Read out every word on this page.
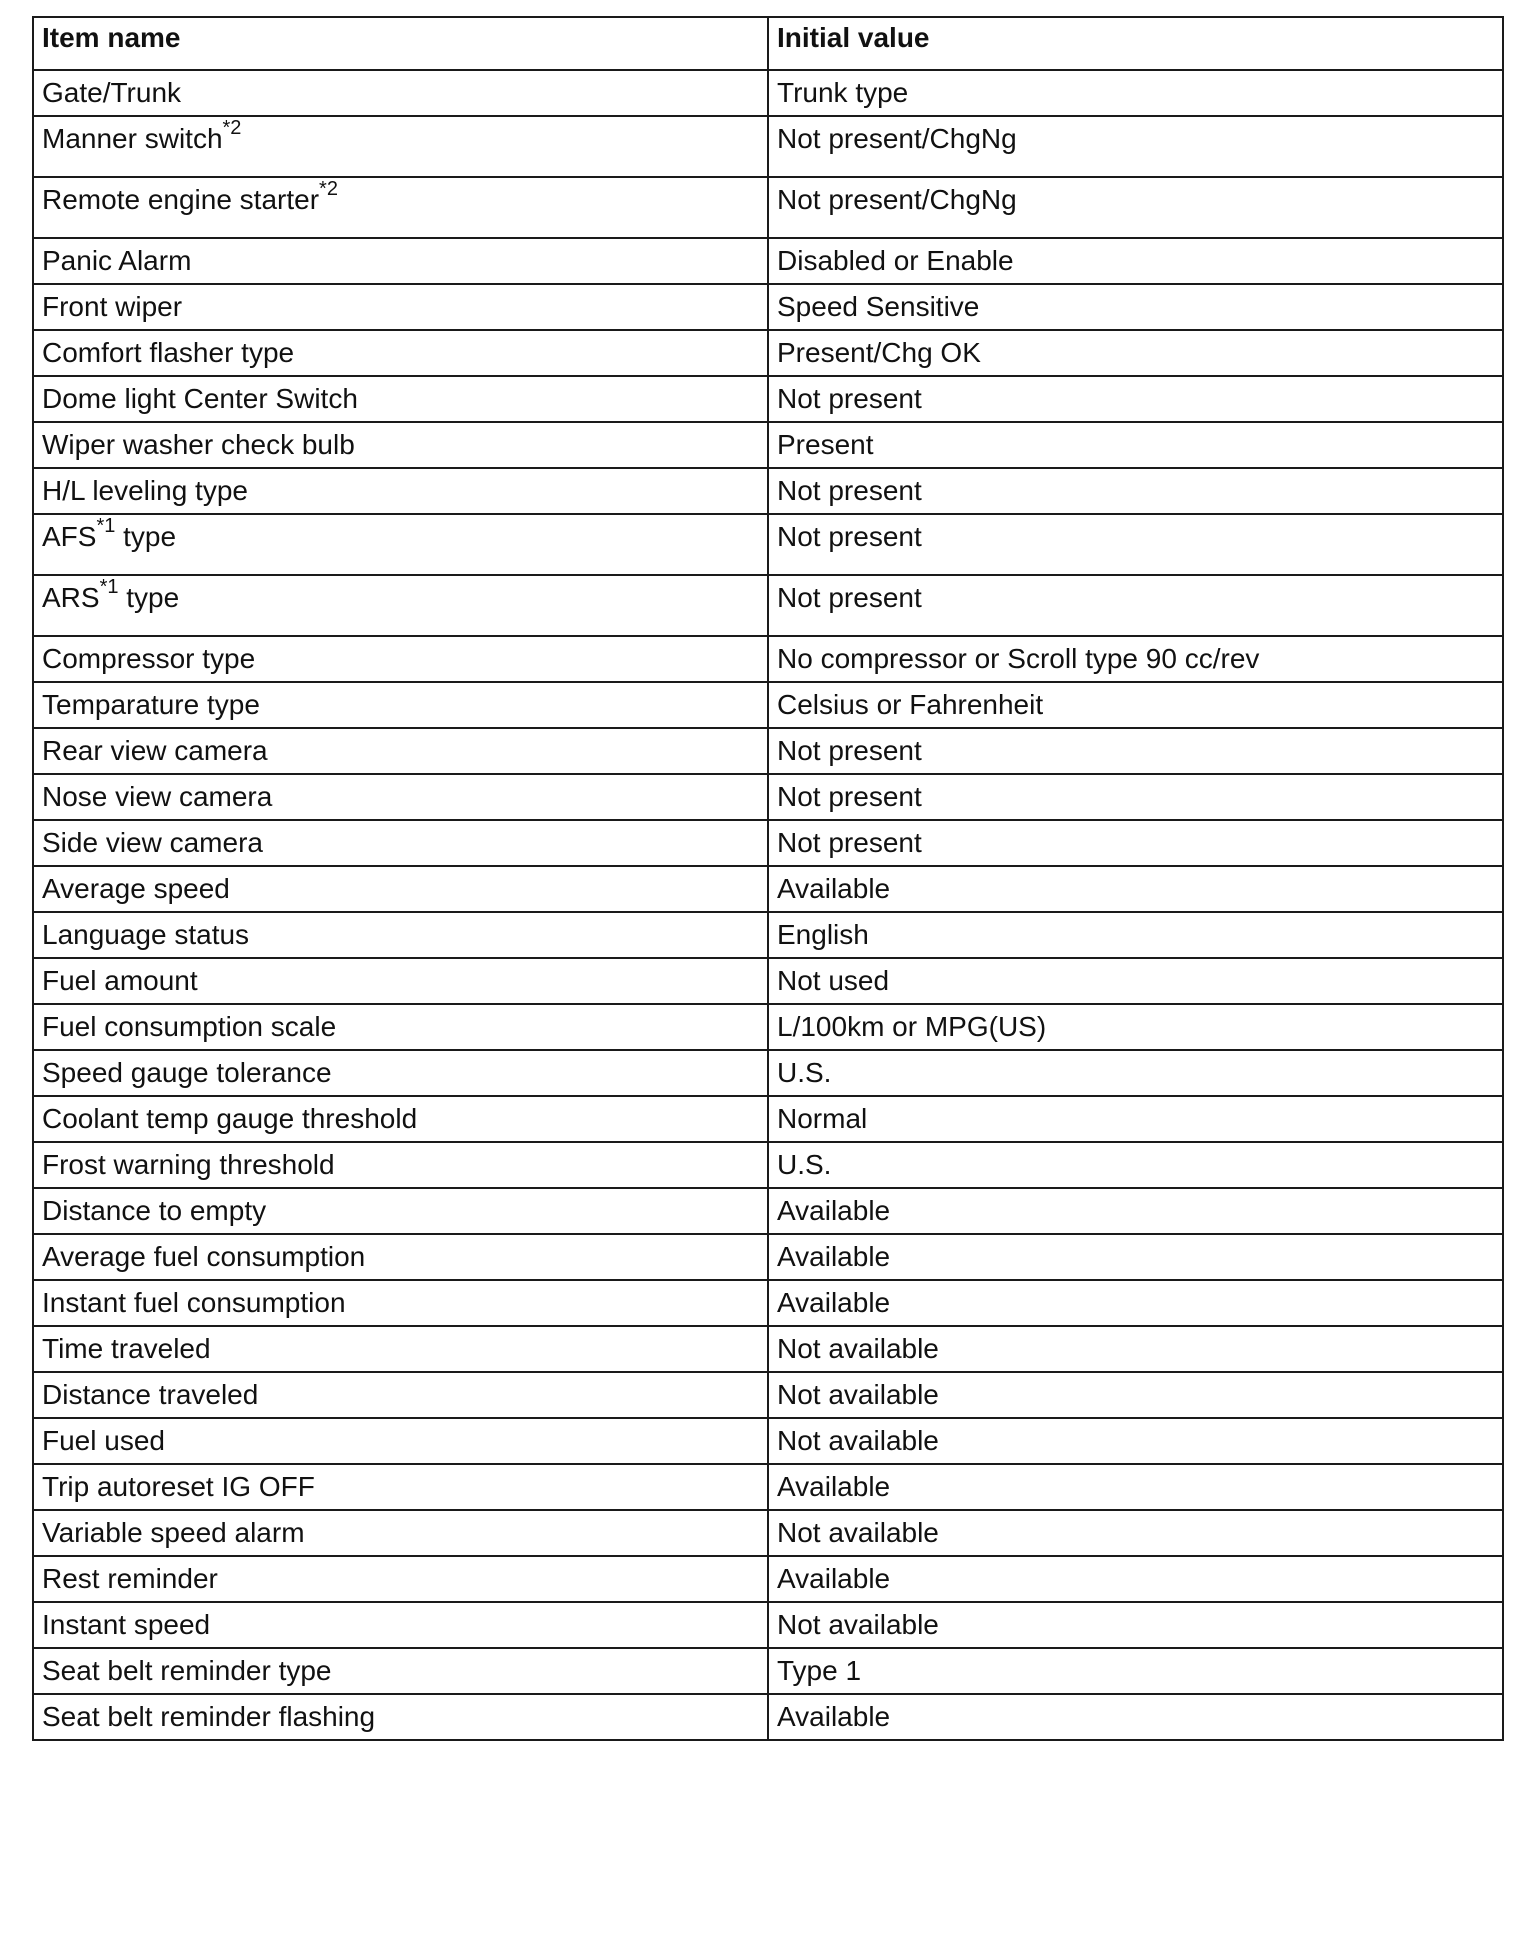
Item name	Initial value
Gate/Trunk	Trunk type
Manner switch$^{*2}$	Not present/ChgNg
Remote engine starter$^{*2}$	Not present/ChgNg
Panic Alarm	Disabled or Enable
Front wiper	Speed Sensitive
Comfort flasher type	Present/Chg OK
Dome light Center Switch	Not present
Wiper washer check bulb	Present
H/L leveling type	Not present
AFS$^{*1}$ type	Not present
ARS$^{*1}$ type	Not present
Compressor type	No compressor or Scroll type 90 cc/rev
Temparature type	Celsius or Fahrenheit
Rear view camera	Not present
Nose view camera	Not present
Side view camera	Not present
Average speed	Available
Language status	English
Fuel amount	Not used
Fuel consumption scale	L/100km or MPG(US)
Speed gauge tolerance	U.S.
Coolant temp gauge threshold	Normal
Frost warning threshold	U.S.
Distance to empty	Available
Average fuel consumption	Available
Instant fuel consumption	Available
Time traveled	Not available
Distance traveled	Not available
Fuel used	Not available
Trip autoreset IG OFF	Available
Variable speed alarm	Not available
Rest reminder	Available
Instant speed	Not available
Seat belt reminder type	Type 1
Seat belt reminder flashing	Available
